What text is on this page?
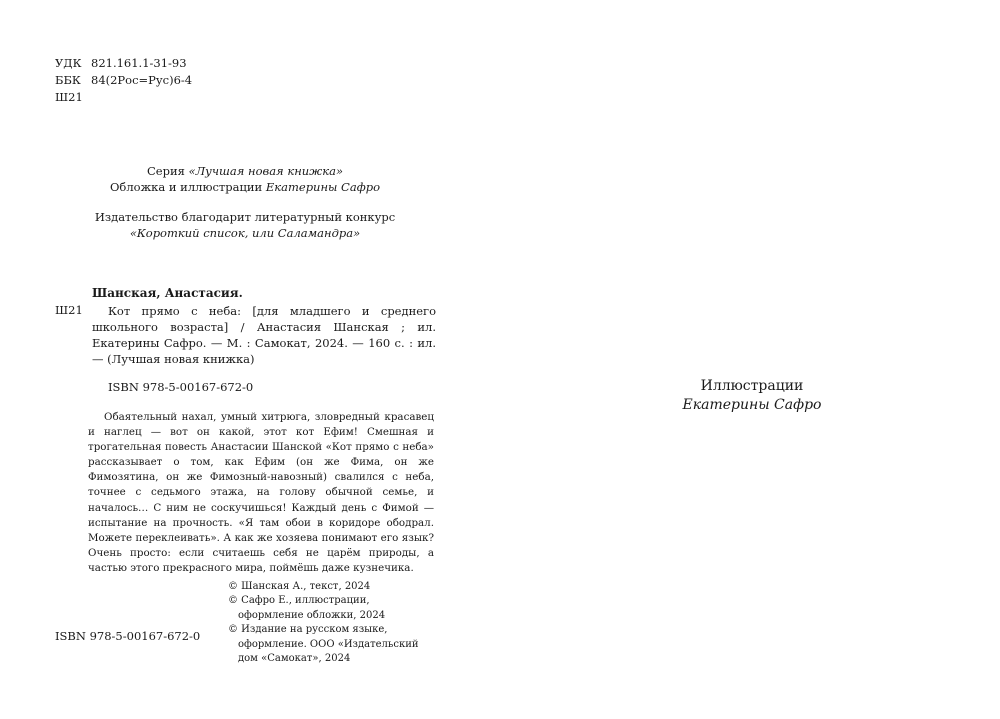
УДК 821.161.1-31-93
ББК 84(2Рос=Рус)6-4
Ш21
Серия «Лучшая новая книжка»
Обложка и иллюстрации Екатерины Сафро
Издательство благодарит литературный конкурс
«Короткий список, или Саламандра»
Шанская, Анастасия.
Ш21	Кот прямо с неба: [для младшего и среднего школьного возраста] / Анастасия Шанская ; ил. Екатерины Сафро. — М. : Самокат, 2024. — 160 с. : ил. — (Лучшая новая книжка)
ISBN 978-5-00167-672-0
Обаятельный нахал, умный хитрюга, зловредный красавец и наглец — вот он какой, этот кот Ефим! Смешная и трогательная повесть Анастасии Шанской «Кот прямо с неба» рассказывает о том, как Ефим (он же Фима, он же Фимозятина, он же Фимозный-навозный) свалился с неба, точнее с седьмого этажа, на голову обычной семье, и началось… С ним не соскучишься! Каждый день с Фимой — испытание на прочность. «Я там обои в коридоре ободрал. Можете переклеивать». А как же хозяева понимают его язык? Очень просто: если считаешь себя не царём природы, а частью этого прекрасного мира, поймёшь даже кузнечика.
© Шанская А., текст, 2024
© Сафро Е., иллюстрации, оформление обложки, 2024
© Издание на русском языке, оформление. ООО «Издательский дом «Самокат», 2024
ISBN 978-5-00167-672-0
Иллюстрации
Екатерины Сафро
